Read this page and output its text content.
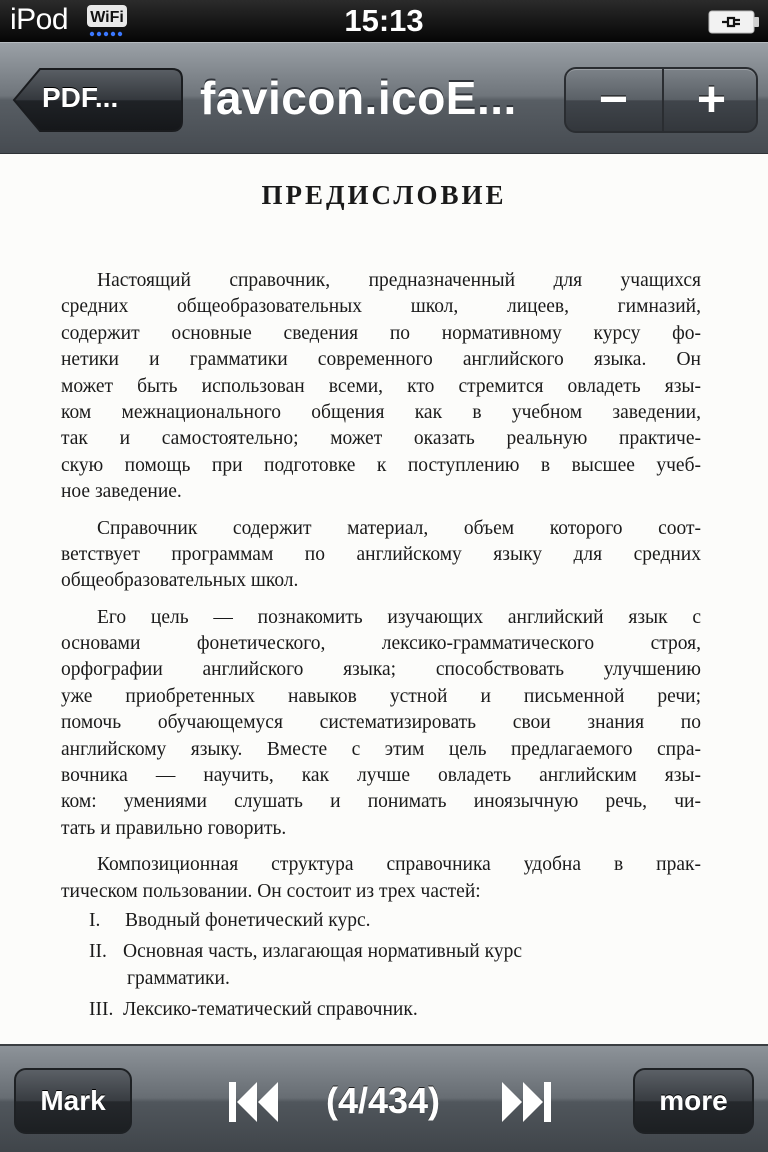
iPod WiFi	15:13
PDF... favicon.icoE...	−	+
ПРЕДИСЛОВИЕ
Настоящий справочник, предназначенный для учащихся
средних общеобразовательных школ, лицеев, гимназий,
содержит основные сведения по нормативному курсу фо-
нетики и грамматики современного английского языка. Он
может быть использован всеми, кто стремится овладеть язы-
ком межнационального общения как в учебном заведении,
так и самостоятельно; может оказать реальную практиче-
скую помощь при подготовке к поступлению в высшее учеб-
ное заведение.
Справочник содержит материал, объем которого соот-
ветствует программам по английскому языку для средних
общеобразовательных школ.
Его цель — познакомить изучающих английский язык с
основами фонетического, лексико-грамматического строя,
орфографии английского языка; способствовать улучшению
уже приобретенных навыков устной и письменной речи;
помочь обучающемуся систематизировать свои знания по
английскому языку. Вместе с этим цель предлагаемого спра-
вочника — научить, как лучше овладеть английским язы-
ком: умениями слушать и понимать иноязычную речь, чи-
тать и правильно говорить.
Композиционная структура справочника удобна в прак-
тическом пользовании. Он состоит из трех частей:
I. Вводный фонетический курс.
II. Основная часть, излагающая нормативный курс
грамматики.
III. Лексико-тематический справочник.
Mark	(4/434)	more
